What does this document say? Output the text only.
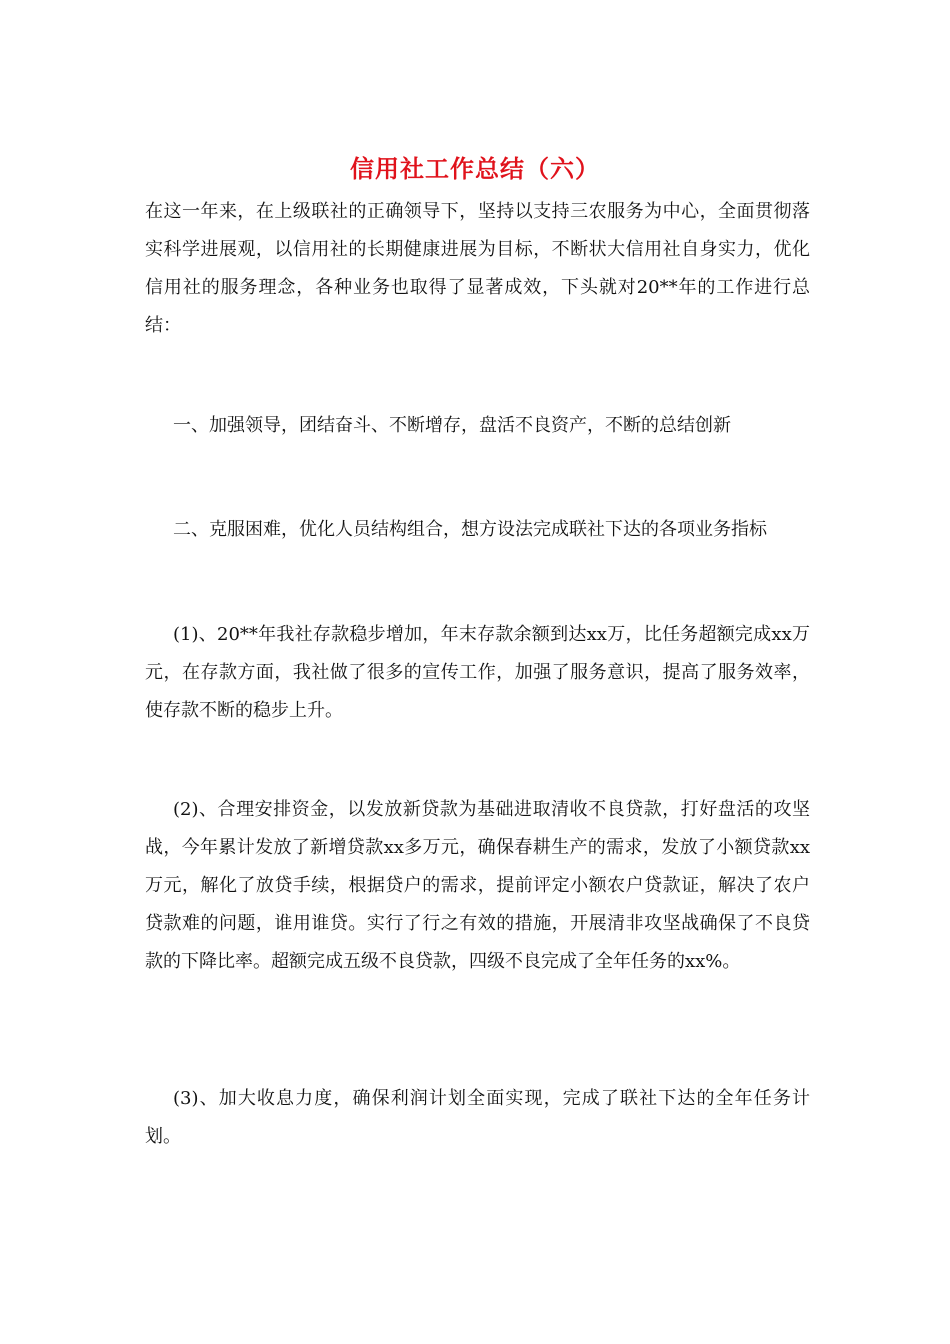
信用社工作总结（六）

在这一年来，在上级联社的正确领导下，坚持以支持三农服务为中心，全面贯彻落实科学进展观，以信用社的长期健康进展为目标，不断状大信用社自身实力，优化信用社的服务理念，各种业务也取得了显著成效，下头就对20**年的工作进行总结：

一、加强领导，团结奋斗、不断增存，盘活不良资产，不断的总结创新

二、克服困难，优化人员结构组合，想方设法完成联社下达的各项业务指标

(1)、20**年我社存款稳步增加，年末存款余额到达xx万，比任务超额完成xx万元，在存款方面，我社做了很多的宣传工作，加强了服务意识，提高了服务效率，使存款不断的稳步上升。

(2)、合理安排资金，以发放新贷款为基础进取清收不良贷款，打好盘活的攻坚战，今年累计发放了新增贷款xx多万元，确保春耕生产的需求，发放了小额贷款xx万元，解化了放贷手续，根据贷户的需求，提前评定小额农户贷款证，解决了农户贷款难的问题，谁用谁贷。实行了行之有效的措施，开展清非攻坚战确保了不良贷款的下降比率。超额完成五级不良贷款，四级不良完成了全年任务的xx%。

(3)、加大收息力度，确保利润计划全面实现，完成了联社下达的全年任务计划。
